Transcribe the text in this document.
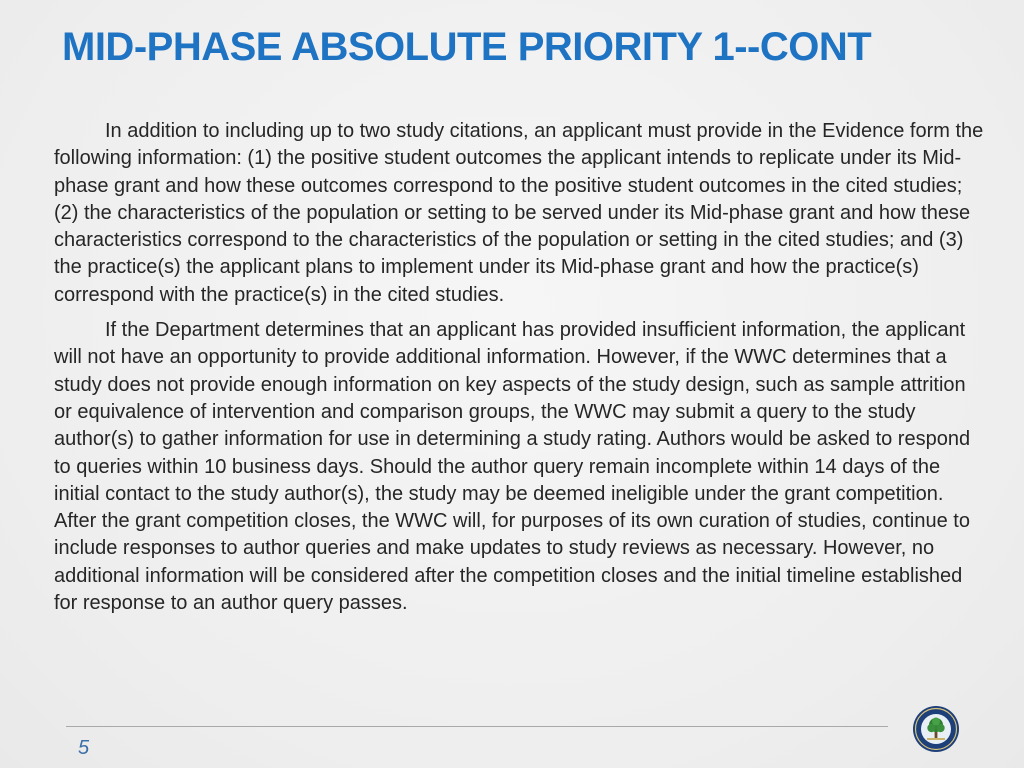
MID-PHASE ABSOLUTE PRIORITY 1--CONT

In addition to including up to two study citations, an applicant must provide in the Evidence form the following information: (1) the positive student outcomes the applicant intends to replicate under its Mid-phase grant and how these outcomes correspond to the positive student outcomes in the cited studies; (2) the characteristics of the population or setting to be served under its Mid-phase grant and how these characteristics correspond to the characteristics of the population or setting in the cited studies; and (3) the practice(s) the applicant plans to implement under its Mid-phase grant and how the practice(s) correspond with the practice(s) in the cited studies.

If the Department determines that an applicant has provided insufficient information, the applicant will not have an opportunity to provide additional information. However, if the WWC determines that a study does not provide enough information on key aspects of the study design, such as sample attrition or equivalence of intervention and comparison groups, the WWC may submit a query to the study author(s) to gather information for use in determining a study rating. Authors would be asked to respond to queries within 10 business days. Should the author query remain incomplete within 14 days of the initial contact to the study author(s), the study may be deemed ineligible under the grant competition. After the grant competition closes, the WWC will, for purposes of its own curation of studies, continue to include responses to author queries and make updates to study reviews as necessary. However, no additional information will be considered after the competition closes and the initial timeline established for response to an author query passes.

5
